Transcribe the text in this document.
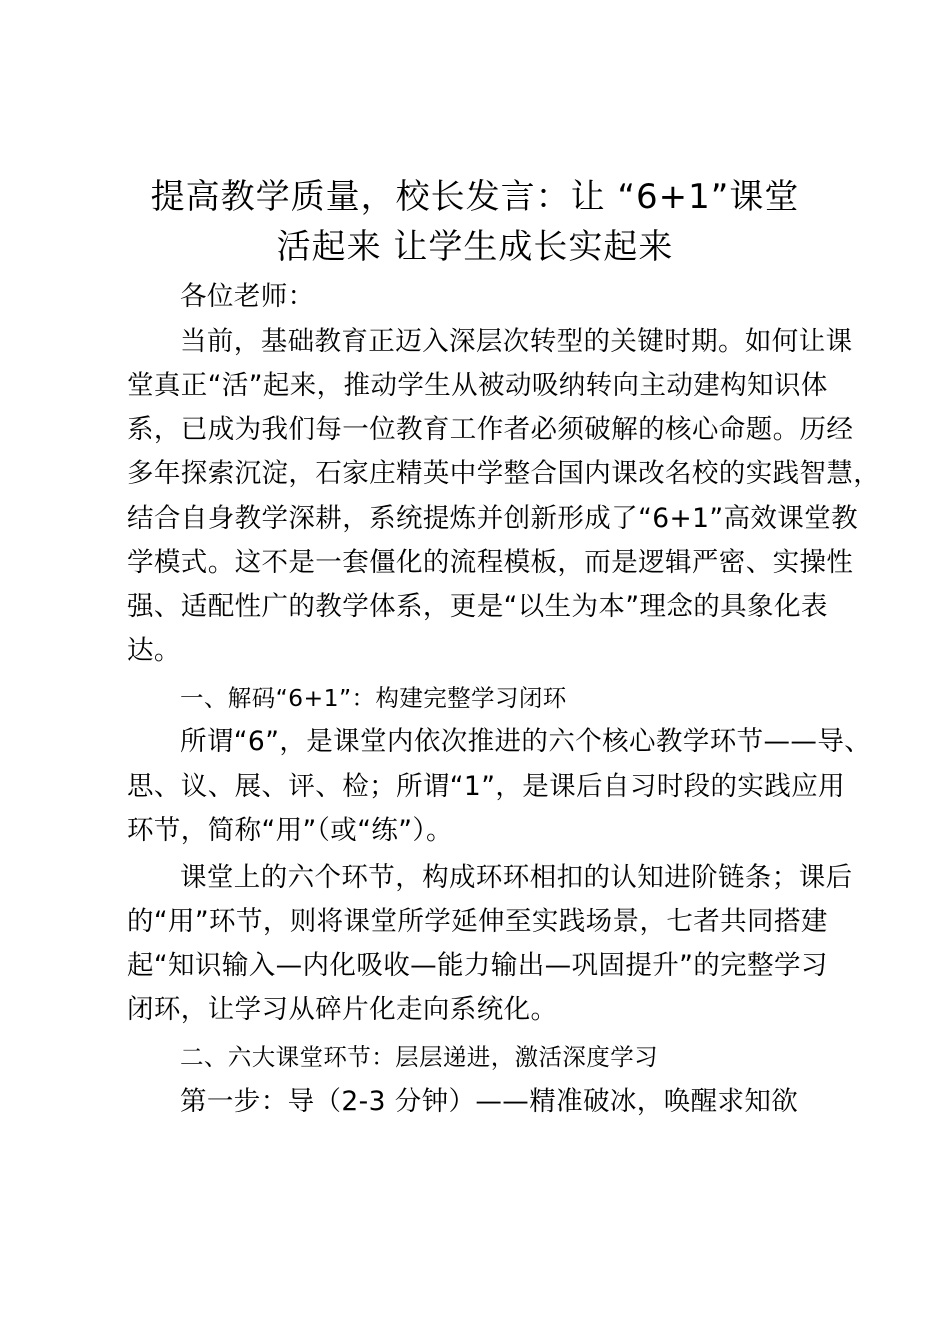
提高教学质量，校长发言：让 “6+1”课堂
活起来 让学生成长实起来
各位老师：
当前，基础教育正迈入深层次转型的关键时期。如何让课
堂真正“活”起来，推动学生从被动吸纳转向主动建构知识体
系，已成为我们每一位教育工作者必须破解的核心命题。历经
多年探索沉淀，石家庄精英中学整合国内课改名校的实践智慧，
结合自身教学深耕，系统提炼并创新形成了“6+1”高效课堂教
学模式。这不是一套僵化的流程模板，而是逻辑严密、实操性
强、适配性广的教学体系，更是“以生为本”理念的具象化表
达。
一、解码“6+1”：构建完整学习闭环
所谓“6”，是课堂内依次推进的六个核心教学环节——导、
思、议、展、评、检；所谓“1”，是课后自习时段的实践应用
环节，简称“用”（或“练”）。
课堂上的六个环节，构成环环相扣的认知进阶链条；课后
的“用”环节，则将课堂所学延伸至实践场景，七者共同搭建
起“知识输入—内化吸收—能力输出—巩固提升”的完整学习
闭环，让学习从碎片化走向系统化。
二、六大课堂环节：层层递进，激活深度学习
第一步：导（2-3 分钟）——精准破冰，唤醒求知欲
